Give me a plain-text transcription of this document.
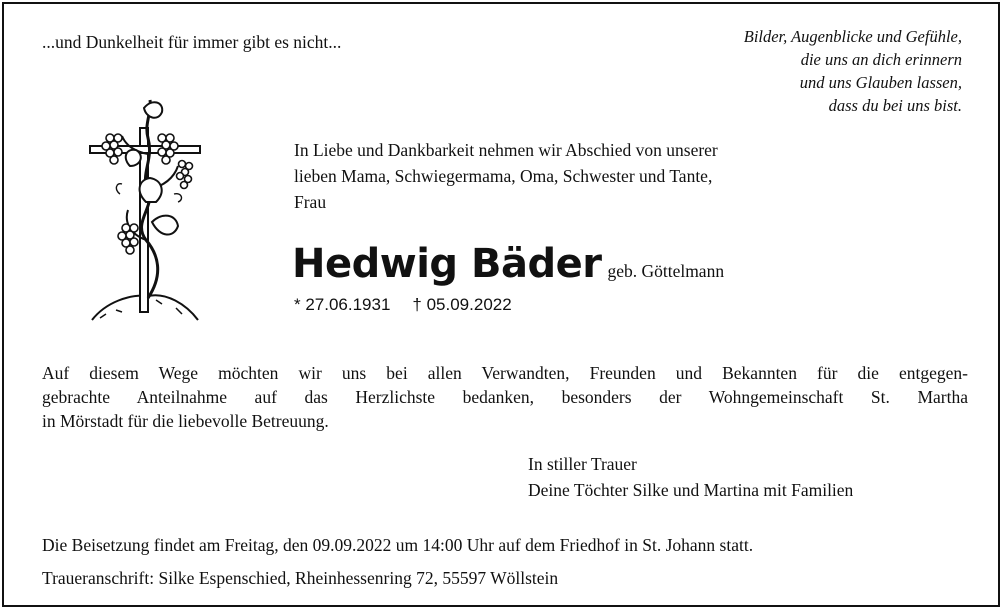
...und Dunkelheit für immer gibt es nicht...	Bilder, Augenblicke und Gefühle,
die uns an dich erinnern
und uns Glauben lassen,
dass du bei uns bist.
In Liebe und Dankbarkeit nehmen wir Abschied von unserer
lieben Mama, Schwiegermama, Oma, Schwester und Tante,
Frau
Hedwig Bäder geb. Göttelmann
* 27.06.1931 † 05.09.2022
Auf diesem Wege möchten wir uns bei allen Verwandten, Freunden und Bekannten für die entgegen-
gebrachte Anteilnahme auf das Herzlichste bedanken, besonders der Wohngemeinschaft St. Martha
in Mörstadt für die liebevolle Betreuung.
In stiller Trauer
Deine Töchter Silke und Martina mit Familien
Die Beisetzung findet am Freitag, den 09.09.2022 um 14:00 Uhr auf dem Friedhof in St. Johann statt.
Traueranschrift: Silke Espenschied, Rheinhessenring 72, 55597 Wöllstein
